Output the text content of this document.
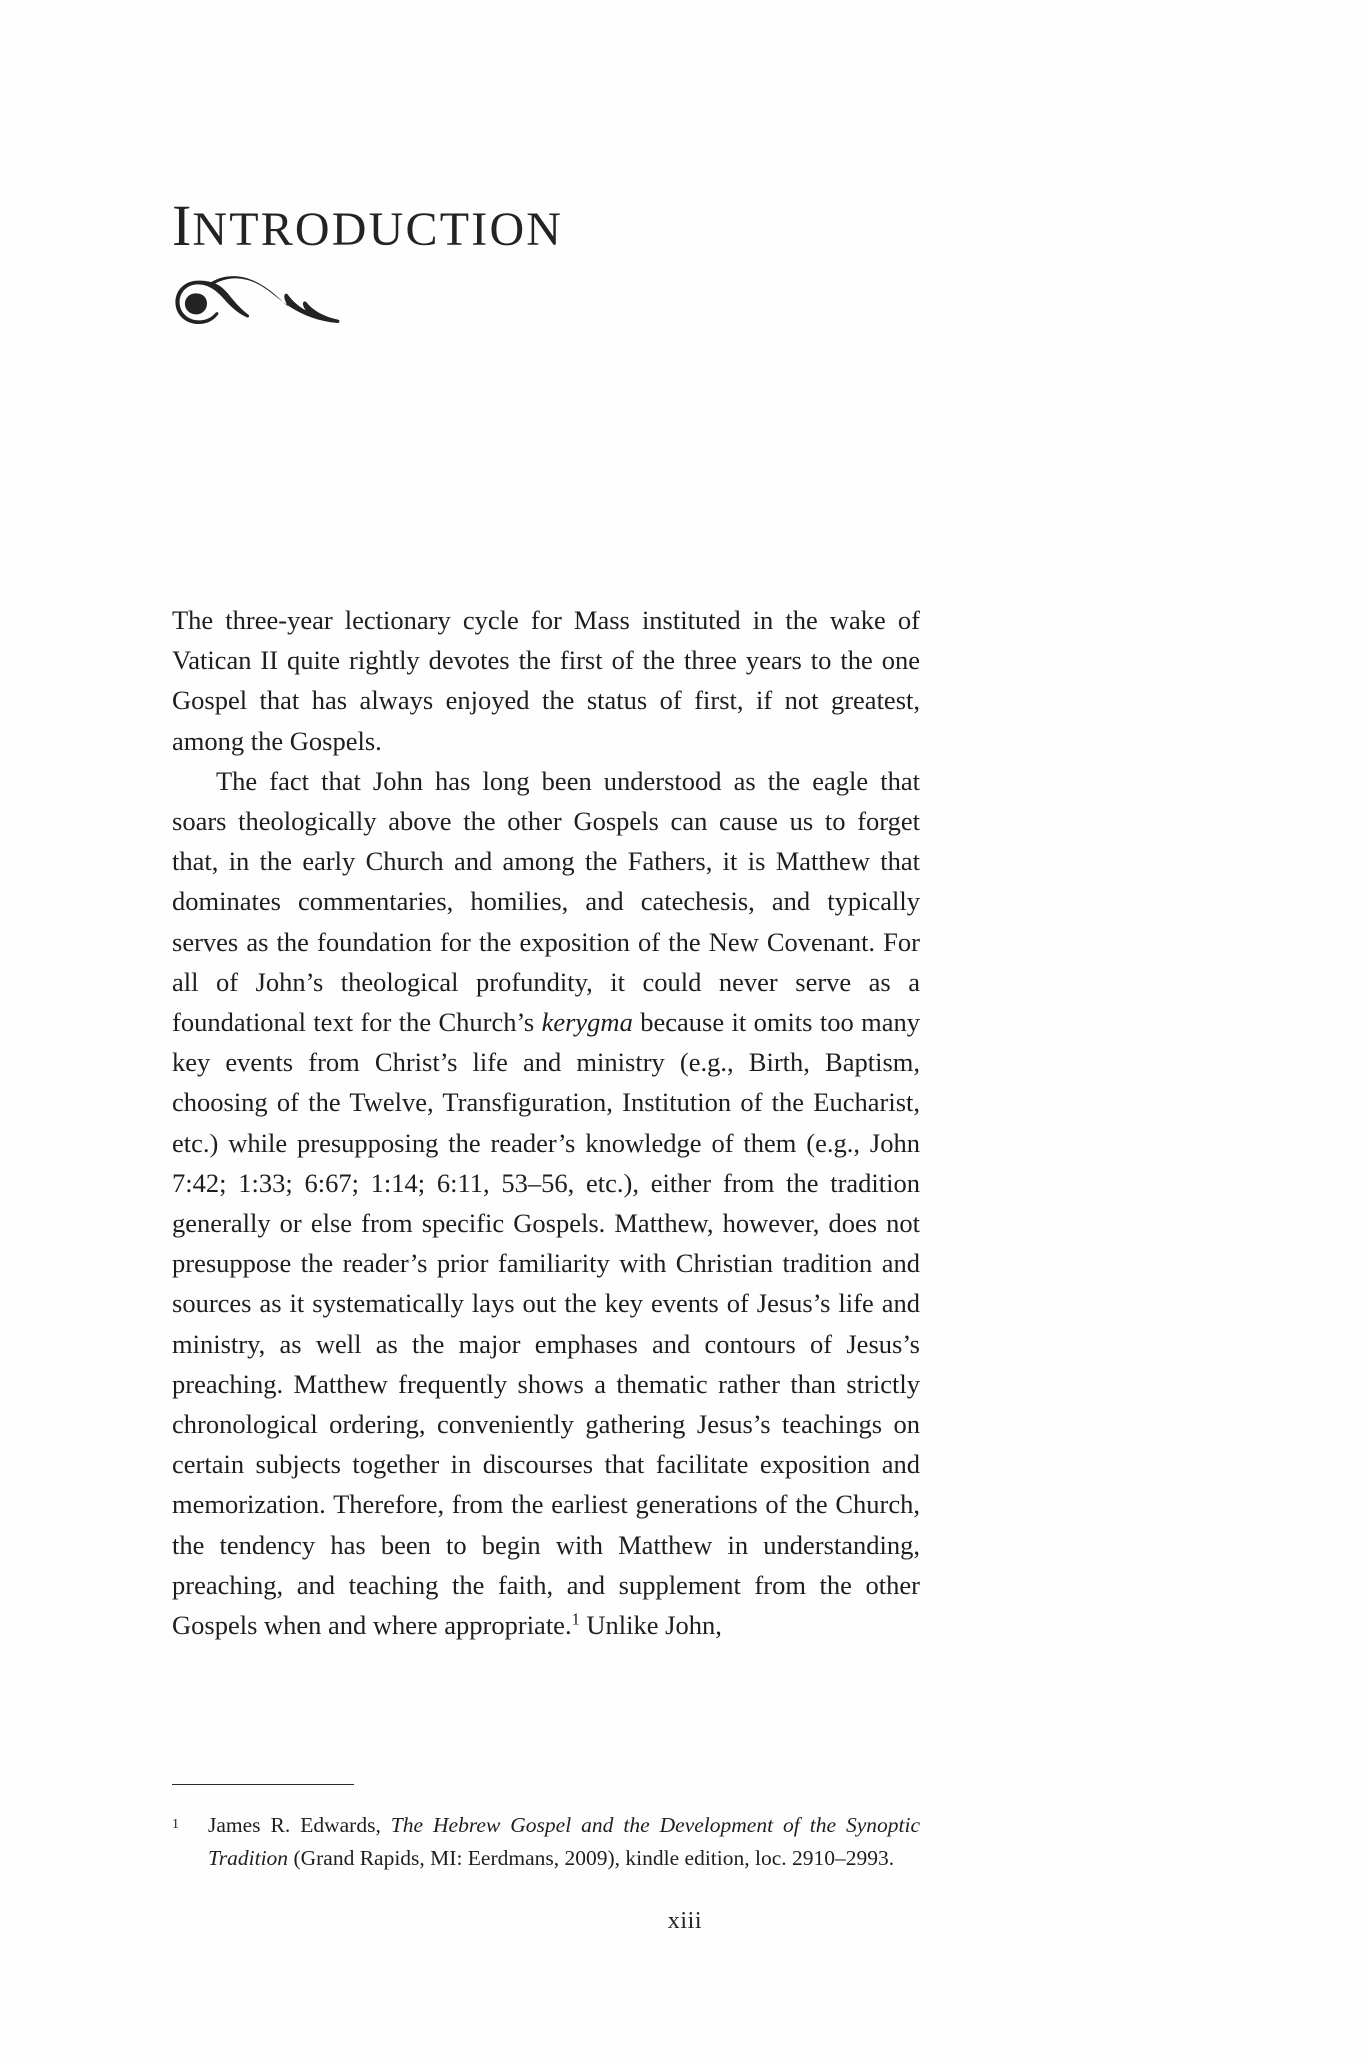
INTRODUCTION

The three-year lectionary cycle for Mass instituted in the wake of Vatican II quite rightly devotes the first of the three years to the one Gospel that has always enjoyed the status of first, if not greatest, among the Gospels.

The fact that John has long been understood as the eagle that soars theologically above the other Gospels can cause us to forget that, in the early Church and among the Fathers, it is Matthew that dominates commentaries, homilies, and catechesis, and typically serves as the foundation for the exposition of the New Covenant. For all of John’s theological profundity, it could never serve as a foundational text for the Church’s kerygma because it omits too many key events from Christ’s life and ministry (e.g., Birth, Baptism, choosing of the Twelve, Transfiguration, Institution of the Eucharist, etc.) while presupposing the reader’s knowledge of them (e.g., John 7:42; 1:33; 6:67; 1:14; 6:11, 53–56, etc.), either from the tradition generally or else from specific Gospels. Matthew, however, does not presuppose the reader’s prior familiarity with Christian tradition and sources as it systematically lays out the key events of Jesus’s life and ministry, as well as the major emphases and contours of Jesus’s preaching. Matthew frequently shows a thematic rather than strictly chronological ordering, conveniently gathering Jesus’s teachings on certain subjects together in discourses that facilitate exposition and memorization. Therefore, from the earliest generations of the Church, the tendency has been to begin with Matthew in understanding, preaching, and teaching the faith, and supplement from the other Gospels when and where appropriate.$^1$ Unlike John,

1 James R. Edwards, The Hebrew Gospel and the Development of the Synoptic Tradition (Grand Rapids, MI: Eerdmans, 2009), kindle edition, loc. 2910–2993.
xiii
